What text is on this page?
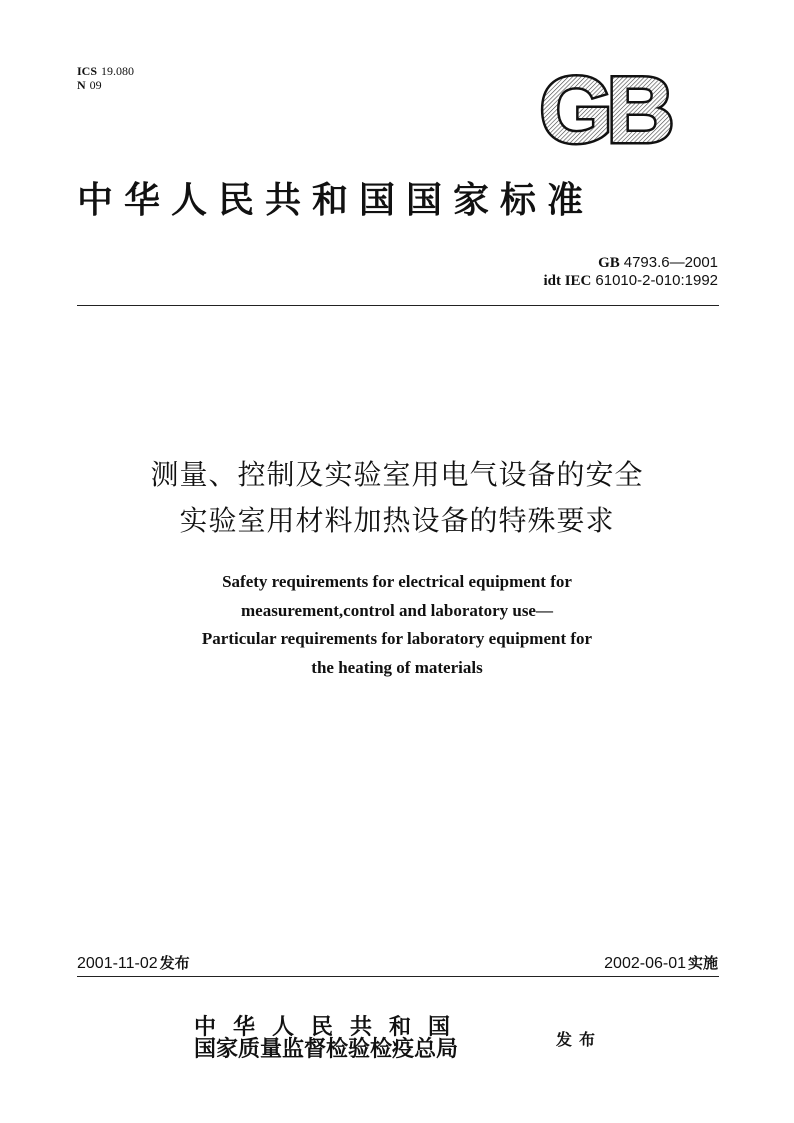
ICS 19.080
N 09	GB
中华人民共和国国家标准
GB 4793.6—2001
idt IEC 61010-2-010:1992
测量、控制及实验室用电气设备的安全
实验室用材料加热设备的特殊要求
Safety requirements for electrical equipment for
measurement,control and laboratory use—
Particular requirements for laboratory equipment for
the heating of materials
2001-11-02 发布	2002-06-01 实施
中华人民共和国
国家质量监督检验检疫总局	发布
